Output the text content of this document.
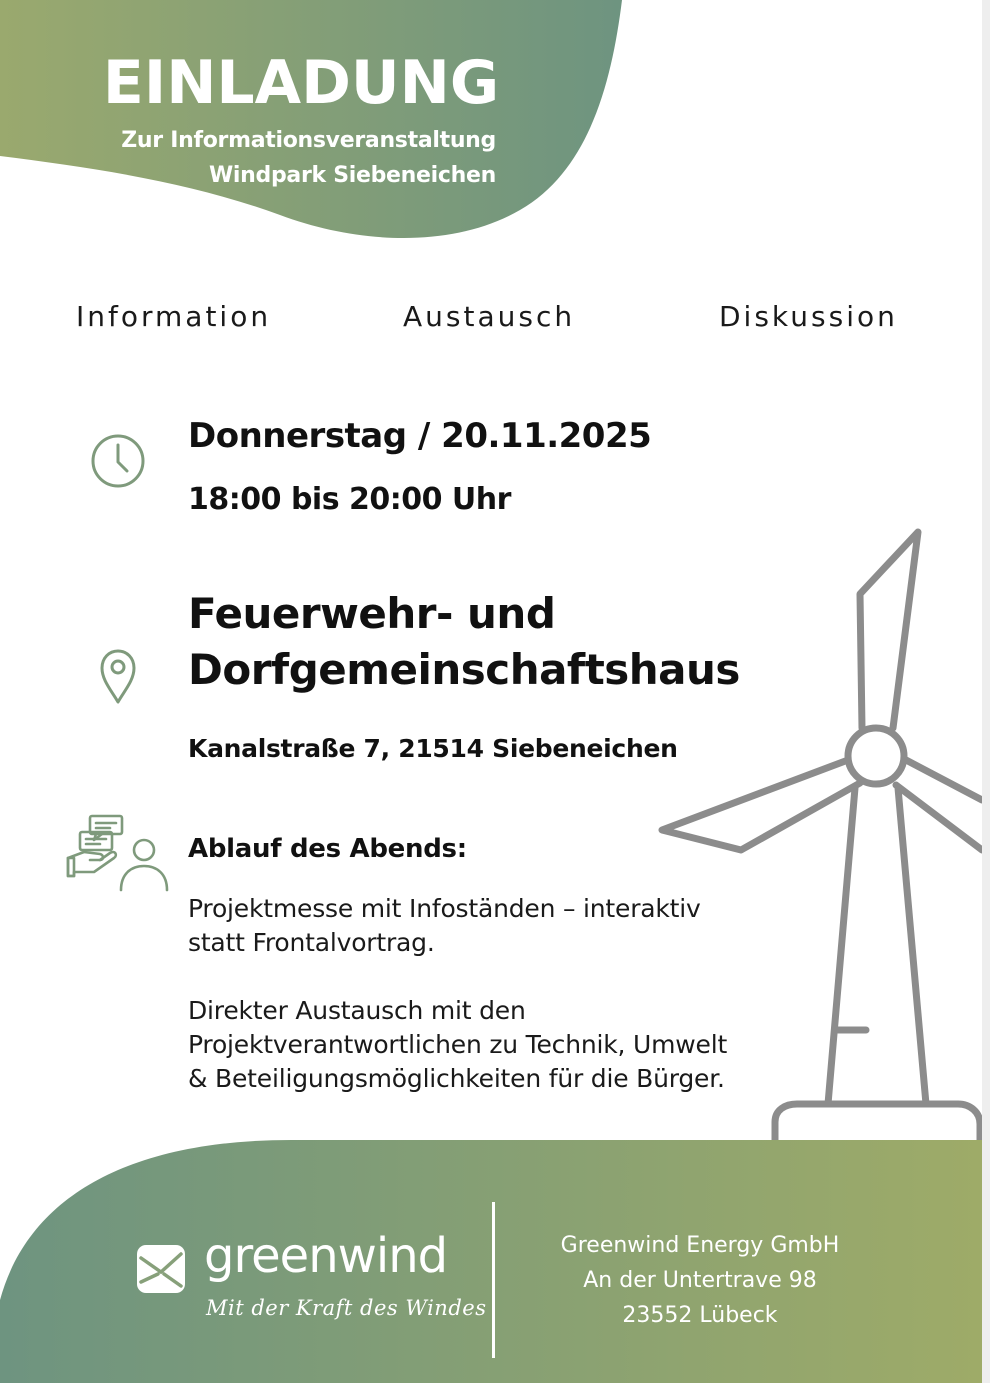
EINLADUNG
Zur Informationsveranstaltung
Windpark Siebeneichen
Information	Austausch	Diskussion
Donnerstag / 20.11.2025
18:00 bis 20:00 Uhr
Feuerwehr- und
Dorfgemeinschaftshaus
Kanalstraße 7, 21514 Siebeneichen
Ablauf des Abends:
Projektmesse mit Infoständen – interaktiv
statt Frontalvortrag.
Direkter Austausch mit den
Projektverantwortlichen zu Technik, Umwelt
& Beteiligungsmöglichkeiten für die Bürger.
greenwind
Mit der Kraft des Windes
Greenwind Energy GmbH
An der Untertrave 98
23552 Lübeck
